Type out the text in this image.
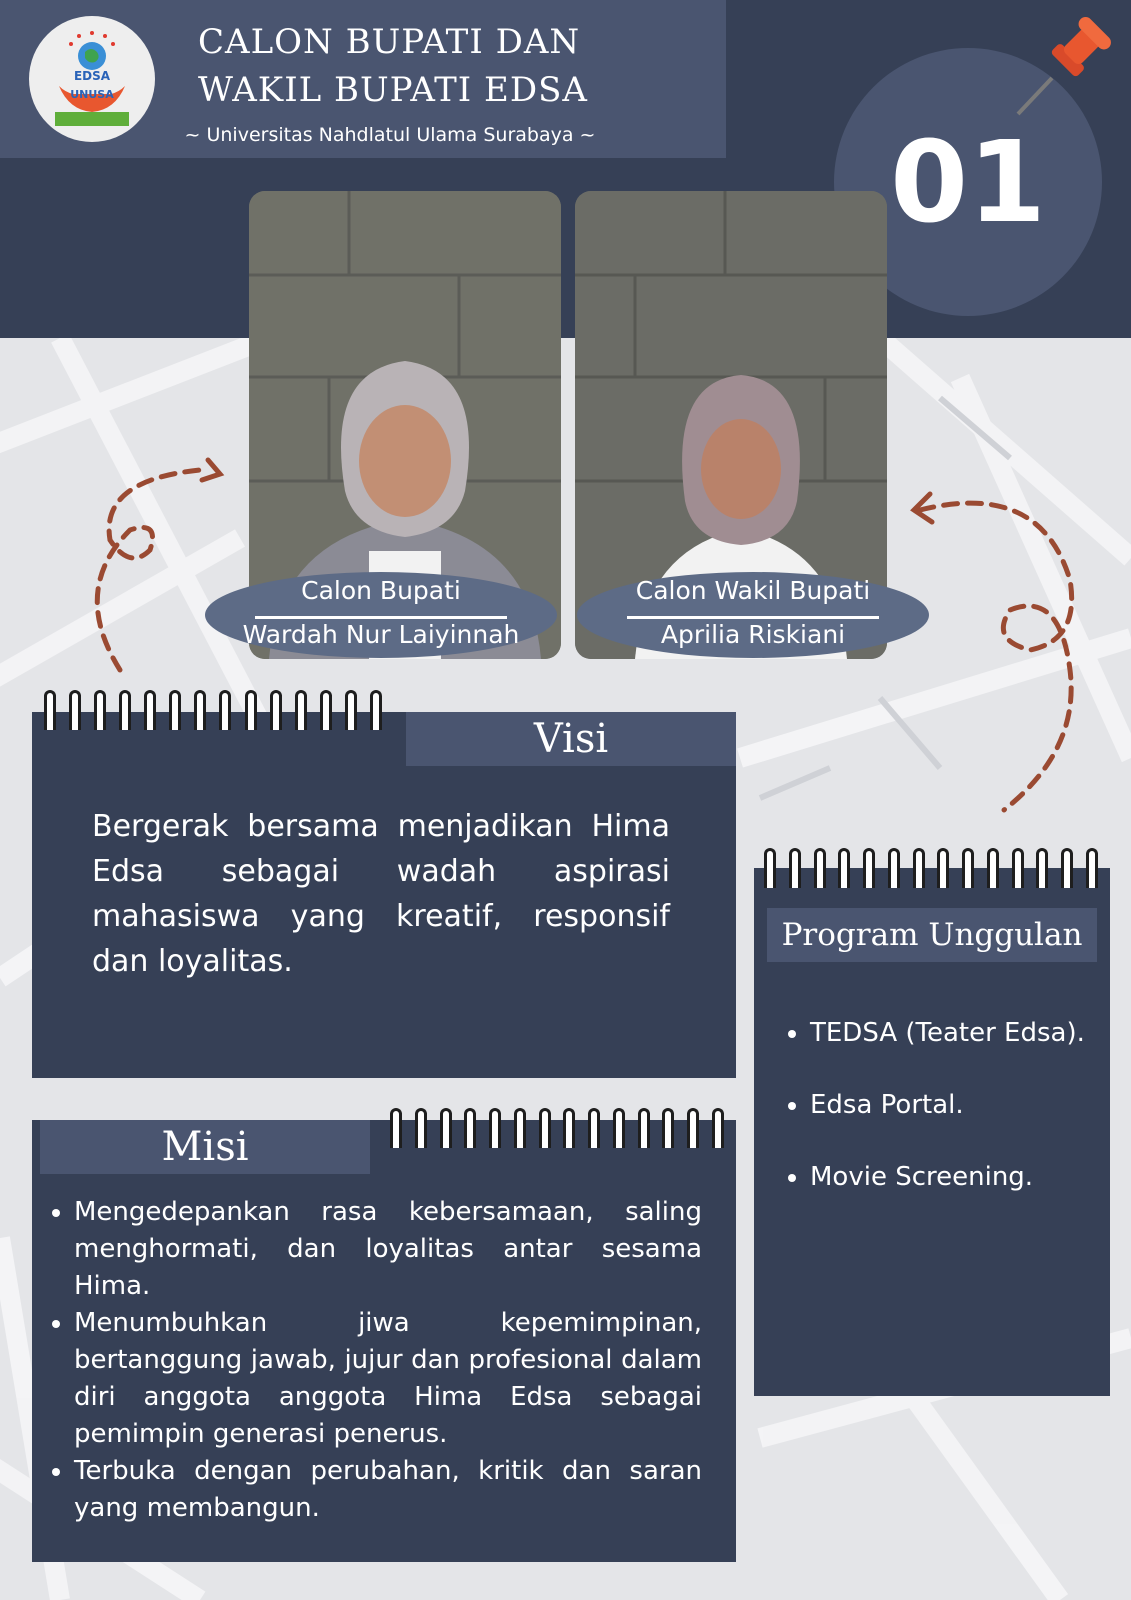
EDSA
UNUSA
CALON BUPATI DAN
WAKIL BUPATI EDSA
~ Universitas Nahdlatul Ulama Surabaya ~	01
Calon Bupati
Wardah Nur Laiyinnah
Calon Wakil Bupati
Aprilia Riskiani
Visi
Bergerak bersama menjadikan Hima Edsa sebagai wadah aspirasi mahasiswa yang kreatif, responsif dan loyalitas.
Misi
• Mengedepankan rasa kebersamaan, saling menghormati, dan loyalitas antar sesama Hima.
• Menumbuhkan jiwa kepemimpinan, bertanggung jawab, jujur dan profesional dalam diri anggota anggota Hima Edsa sebagai pemimpin generasi penerus.
• Terbuka dengan perubahan, kritik dan saran yang membangun.
Program Unggulan
• TEDSA (Teater Edsa).
• Edsa Portal.
• Movie Screening.
